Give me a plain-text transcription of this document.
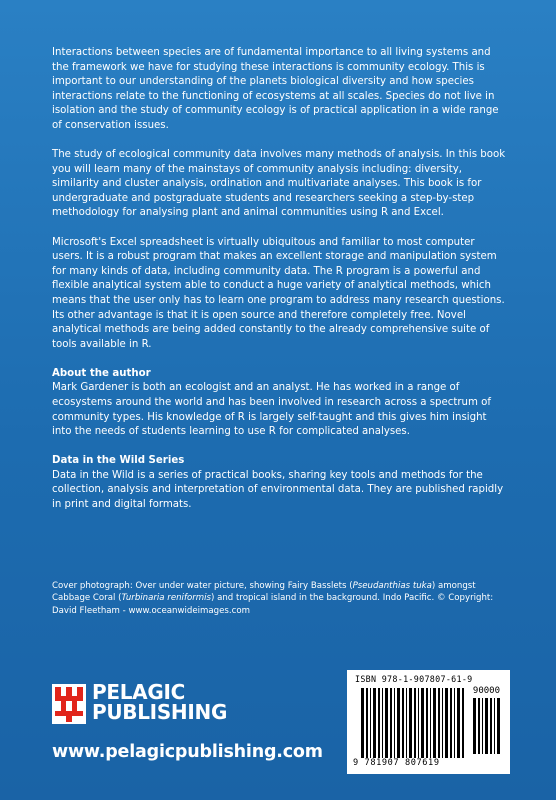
Interactions between species are of fundamental importance to all living systems and the framework we have for studying these interactions is community ecology. This is important to our understanding of the planets biological diversity and how species interactions relate to the functioning of ecosystems at all scales. Species do not live in isolation and the study of community ecology is of practical application in a wide range of conservation issues.

The study of ecological community data involves many methods of analysis. In this book you will learn many of the mainstays of community analysis including: diversity, similarity and cluster analysis, ordination and multivariate analyses. This book is for undergraduate and postgraduate students and researchers seeking a step-by-step methodology for analysing plant and animal communities using R and Excel.

Microsoft's Excel spreadsheet is virtually ubiquitous and familiar to most computer users. It is a robust program that makes an excellent storage and manipulation system for many kinds of data, including community data. The R program is a powerful and flexible analytical system able to conduct a huge variety of analytical methods, which means that the user only has to learn one program to address many research questions. Its other advantage is that it is open source and therefore completely free. Novel analytical methods are being added constantly to the already comprehensive suite of tools available in R.

About the author

Mark Gardener is both an ecologist and an analyst. He has worked in a range of ecosystems around the world and has been involved in research across a spectrum of community types. His knowledge of R is largely self-taught and this gives him insight into the needs of students learning to use R for complicated analyses.

Data in the Wild Series

Data in the Wild is a series of practical books, sharing key tools and methods for the collection, analysis and interpretation of environmental data. They are published rapidly in print and digital formats.

Cover photograph: Over under water picture, showing Fairy Basslets (Pseudanthias tuka) amongst Cabbage Coral (Turbinaria reniformis) and tropical island in the background. Indo Pacific. © Copyright: David Fleetham - www.oceanwideimages.com
PELAGIC
PUBLISHING
www.pelagicpublishing.com
ISBN 978-1-907807-61-9
90000
9 781907 807619
